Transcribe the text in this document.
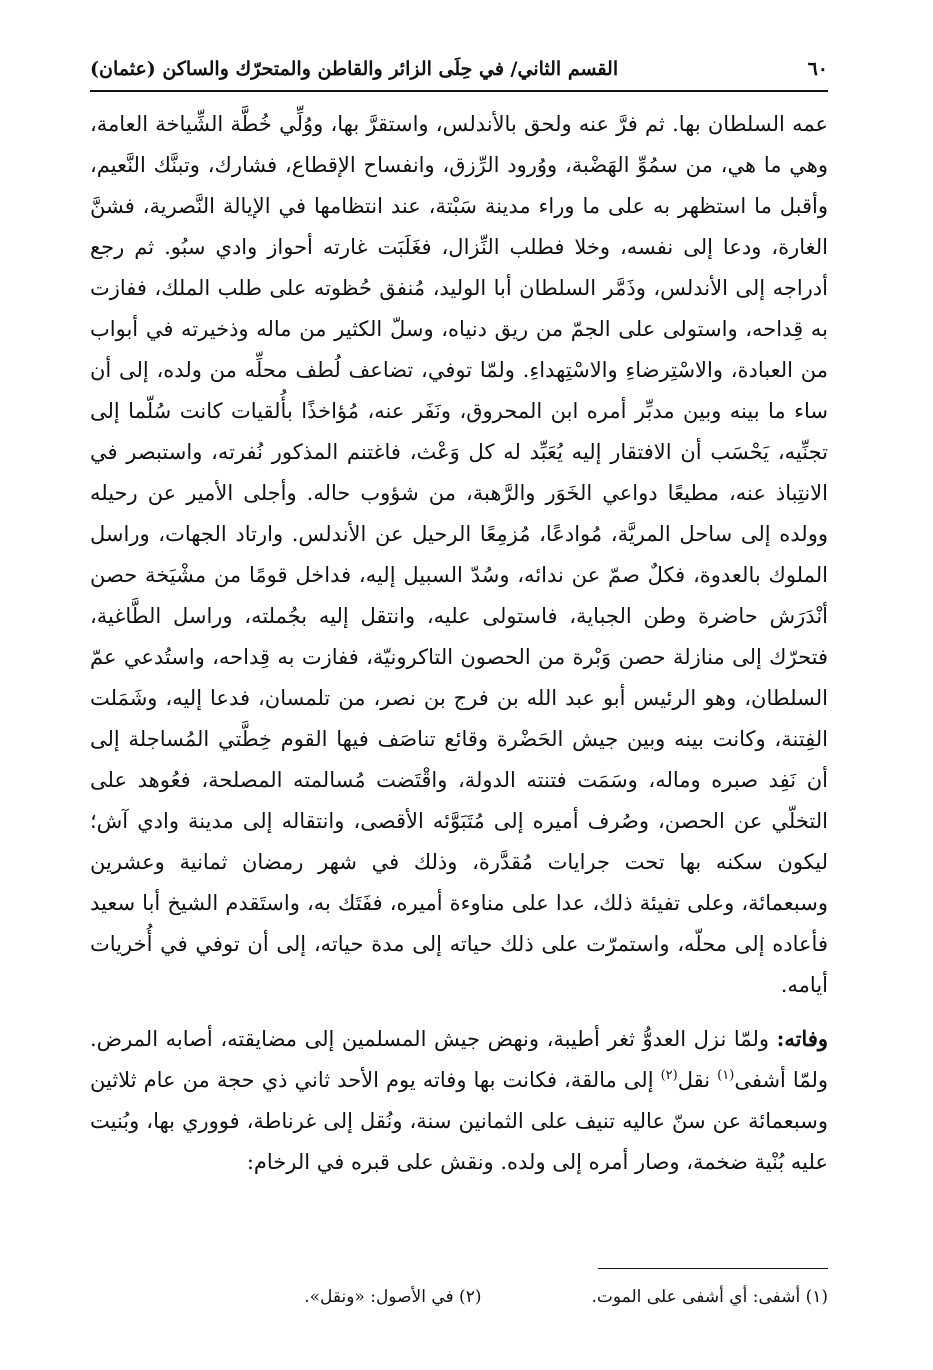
٦٠
القسم الثاني/ في حِلَى الزائر والقاطن والمتحرّك والساكن (عثمان)

عمه السلطان بها. ثم فرَّ عنه ولحق بالأندلس، واستقرَّ بها، ووُلِّي خُطَّة الشِّياخة العامة، وهي ما هي، من سمُوِّ الهَضْبة، ووُرود الرِّزق، وانفساح الإقطاع، فشارك، وتبنَّك النَّعيم، وأقبل ما استظهر به على ما وراء مدينة سَبْتة، عند انتظامها في الإيالة النَّصرية، فشنَّ الغارة، ودعا إلى نفسه، وخلا فطلب النِّزال، فغَلَبَت غارته أحواز وادي سبُو. ثم رجع أدراجه إلى الأندلس، وذَمَّر السلطان أبا الوليد، مُنفق حُظوته على طلب الملك، ففازت به قِداحه، واستولى على الجمّ من ريق دنياه، وسلّ الكثير من ماله وذخيرته في أبواب من العبادة، والاسْتِرضاءِ والاسْتِهداءِ. ولمّا توفي، تضاعف لُطف محلِّه من ولده، إلى أن ساء ما بينه وبين مدبِّر أمره ابن المحروق، ونَفَر عنه، مُؤاخذًا بأُلقيات كانت سُلّما إلى تجنِّيه، يَحْسَب أن الافتقار إليه يُعَبِّد له كل وَعْث، فاغتنم المذكور نُفرته، واستبصر في الانتِباذ عنه، مطيعًا دواعي الخَوَر والرَّهبة، من شؤوب حاله. وأجلى الأمير عن رحيله وولده إلى ساحل المريَّة، مُوادعًا، مُزمِعًا الرحيل عن الأندلس. وارتاد الجهات، وراسل الملوك بالعدوة، فكلٌ صمّ عن ندائه، وسُدّ السبيل إليه، فداخل قومًا من مشْيَخة حصن أنْدَرَش حاضرة وطن الجباية، فاستولى عليه، وانتقل إليه بجُملته، وراسل الطَّاغية، فتحرّك إلى منازلة حصن وَبْرة من الحصون التاكرونيّة، ففازت به قِداحه، واستُدعي عمّ السلطان، وهو الرئيس أبو عبد الله بن فرج بن نصر، من تلمسان، فدعا إليه، وشَمَلت الفِتنة، وكانت بينه وبين جيش الحَضْرة وقائع تناصَف فيها القوم خِطَّتي المُساجلة إلى أن نَفِد صبره وماله، وسَمَت فتنته الدولة، واقْتَضت مُسالمته المصلحة، فعُوهد على التخلّي عن الحصن، وصُرف أميره إلى مُتَبَوَّئه الأقصى، وانتقاله إلى مدينة وادي آش؛ ليكون سكنه بها تحت جرايات مُقدَّرة، وذلك في شهر رمضان ثمانية وعشرين وسبعمائة، وعلى تفيئة ذلك، عدا على مناوءة أميره، ففَتَك به، واستَقدم الشيخ أبا سعيد فأعاده إلى محلّه، واستمرّت على ذلك حياته إلى مدة حياته، إلى أن توفي في أُخريات أيامه.

وفاته: ولمّا نزل العدوُّ ثغر أطيبة، ونهض جيش المسلمين إلى مضايقته، أصابه المرض. ولمّا أشفى$^{(١)}$ نقل$^{(٢)}$ إلى مالقة، فكانت بها وفاته يوم الأحد ثاني ذي حجة من عام ثلاثين وسبعمائة عن سنّ عاليه تنيف على الثمانين سنة، ونُقل إلى غرناطة، فووري بها، وبُنيت عليه بُنْية ضخمة، وصار أمره إلى ولده. ونقش على قبره في الرخام:

(١) أشفى: أي أشفى على الموت.
(٢) في الأصول: «ونقل».
